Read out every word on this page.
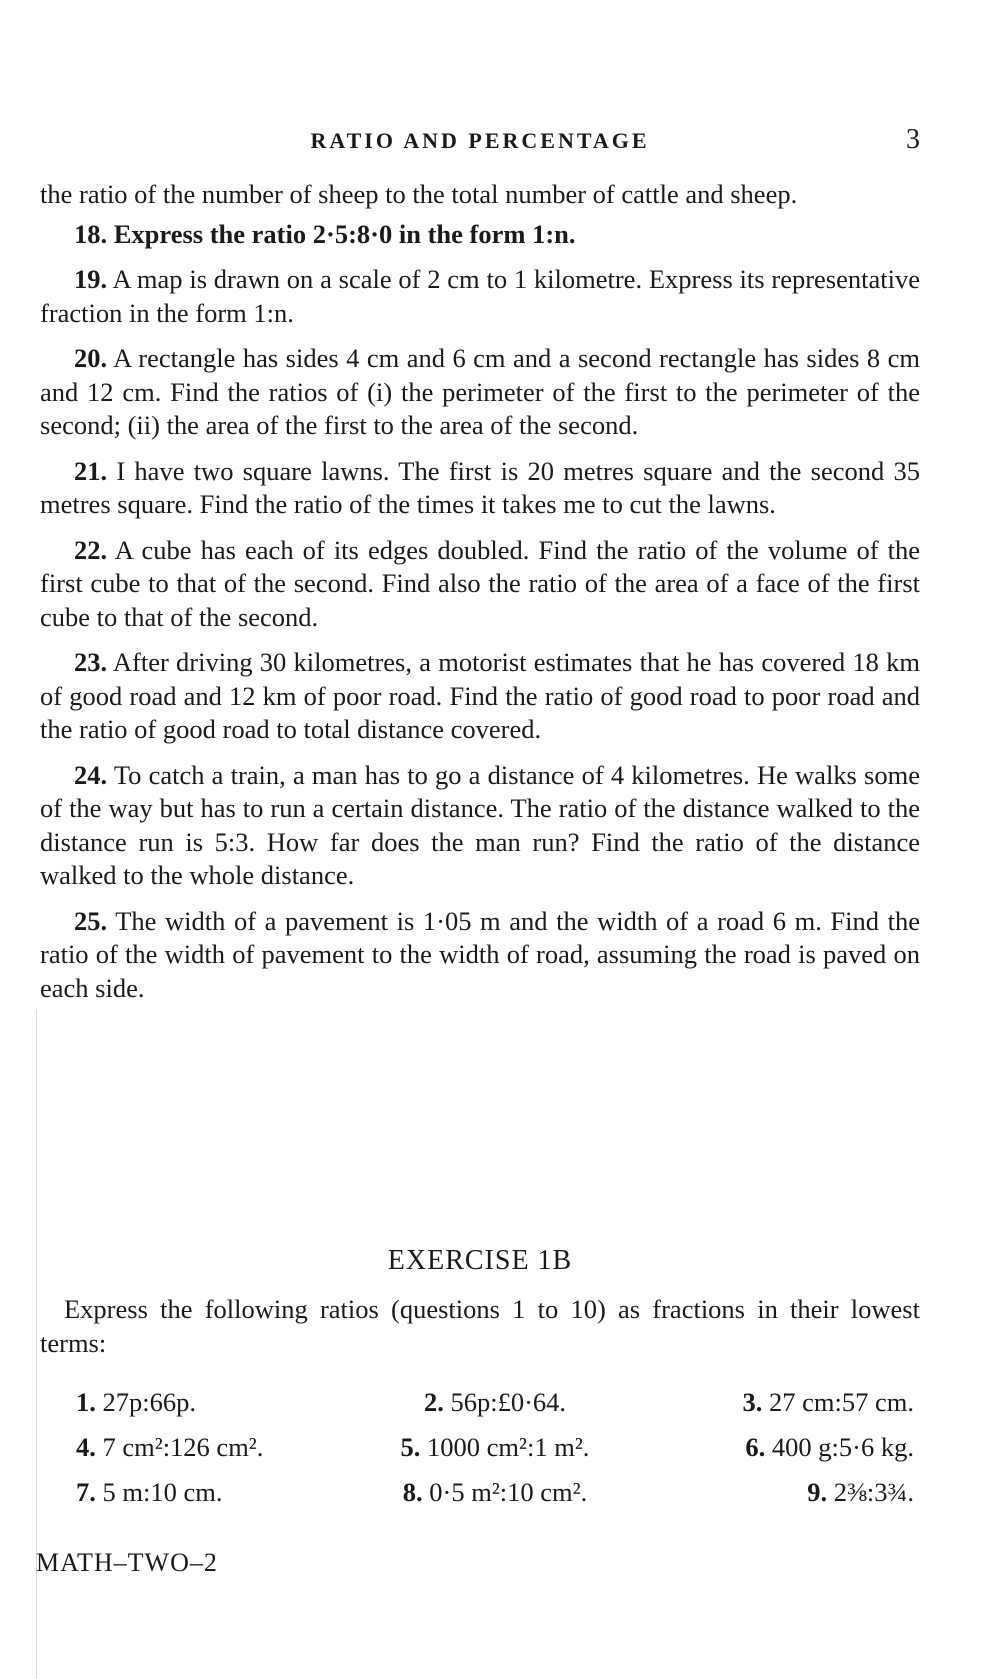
RATIO AND PERCENTAGE	3

the ratio of the number of sheep to the total number of cattle and sheep.

18. Express the ratio 2·5:8·0 in the form 1:n.

19. A map is drawn on a scale of 2 cm to 1 kilometre. Express its representative fraction in the form 1:n.

20. A rectangle has sides 4 cm and 6 cm and a second rectangle has sides 8 cm and 12 cm. Find the ratios of (i) the perimeter of the first to the perimeter of the second; (ii) the area of the first to the area of the second.

21. I have two square lawns. The first is 20 metres square and the second 35 metres square. Find the ratio of the times it takes me to cut the lawns.

22. A cube has each of its edges doubled. Find the ratio of the volume of the first cube to that of the second. Find also the ratio of the area of a face of the first cube to that of the second.

23. After driving 30 kilometres, a motorist estimates that he has covered 18 km of good road and 12 km of poor road. Find the ratio of good road to poor road and the ratio of good road to total distance covered.

24. To catch a train, a man has to go a distance of 4 kilometres. He walks some of the way but has to run a certain distance. The ratio of the distance walked to the distance run is 5:3. How far does the man run? Find the ratio of the distance walked to the whole distance.

25. The width of a pavement is 1·05 m and the width of a road 6 m. Find the ratio of the width of pavement to the width of road, assuming the road is paved on each side.

EXERCISE 1B

Express the following ratios (questions 1 to 10) as fractions in their lowest terms:

1. 27p:66p.	2. 56p:£0·64.	3. 27 cm:57 cm.
4. 7 cm²:126 cm².	5. 1000 cm²:1 m².	6. 400 g:5·6 kg.
7. 5 m:10 cm.	8. 0·5 m²:10 cm².	9. 2⅜:3¾.
MATH–TWO–2
